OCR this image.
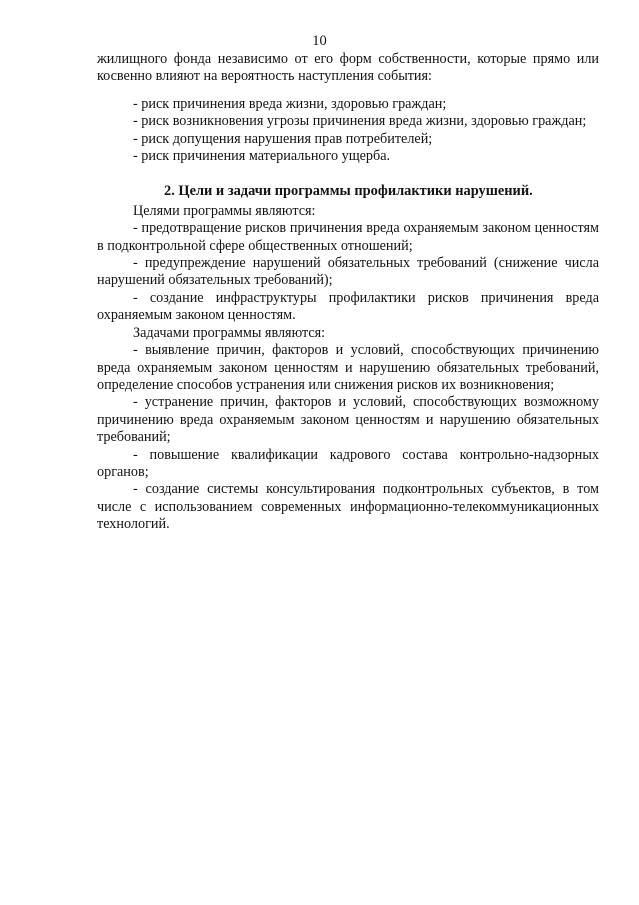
10

жилищного фонда независимо от его форм собственности, которые прямо или косвенно влияют на вероятность наступления события:

- риск причинения вреда жизни, здоровью граждан;

- риск возникновения угрозы причинения вреда жизни, здоровью граждан;

- риск допущения нарушения прав потребителей;

- риск причинения материального ущерба.

2. Цели и задачи программы профилактики нарушений.

Целями программы являются:

- предотвращение рисков причинения вреда охраняемым законом ценностям в подконтрольной сфере общественных отношений;

- предупреждение нарушений обязательных требований (снижение числа нарушений обязательных требований);

- создание инфраструктуры профилактики рисков причинения вреда охраняемым законом ценностям.

Задачами программы являются:

- выявление причин, факторов и условий, способствующих причинению вреда охраняемым законом ценностям и нарушению обязательных требований, определение способов устранения или снижения рисков их возникновения;

- устранение причин, факторов и условий, способствующих возможному причинению вреда охраняемым законом ценностям и нарушению обязательных требований;

- повышение квалификации кадрового состава контрольно-надзорных органов;

- создание системы консультирования подконтрольных субъектов, в том числе с использованием современных информационно-телекоммуникационных технологий.
